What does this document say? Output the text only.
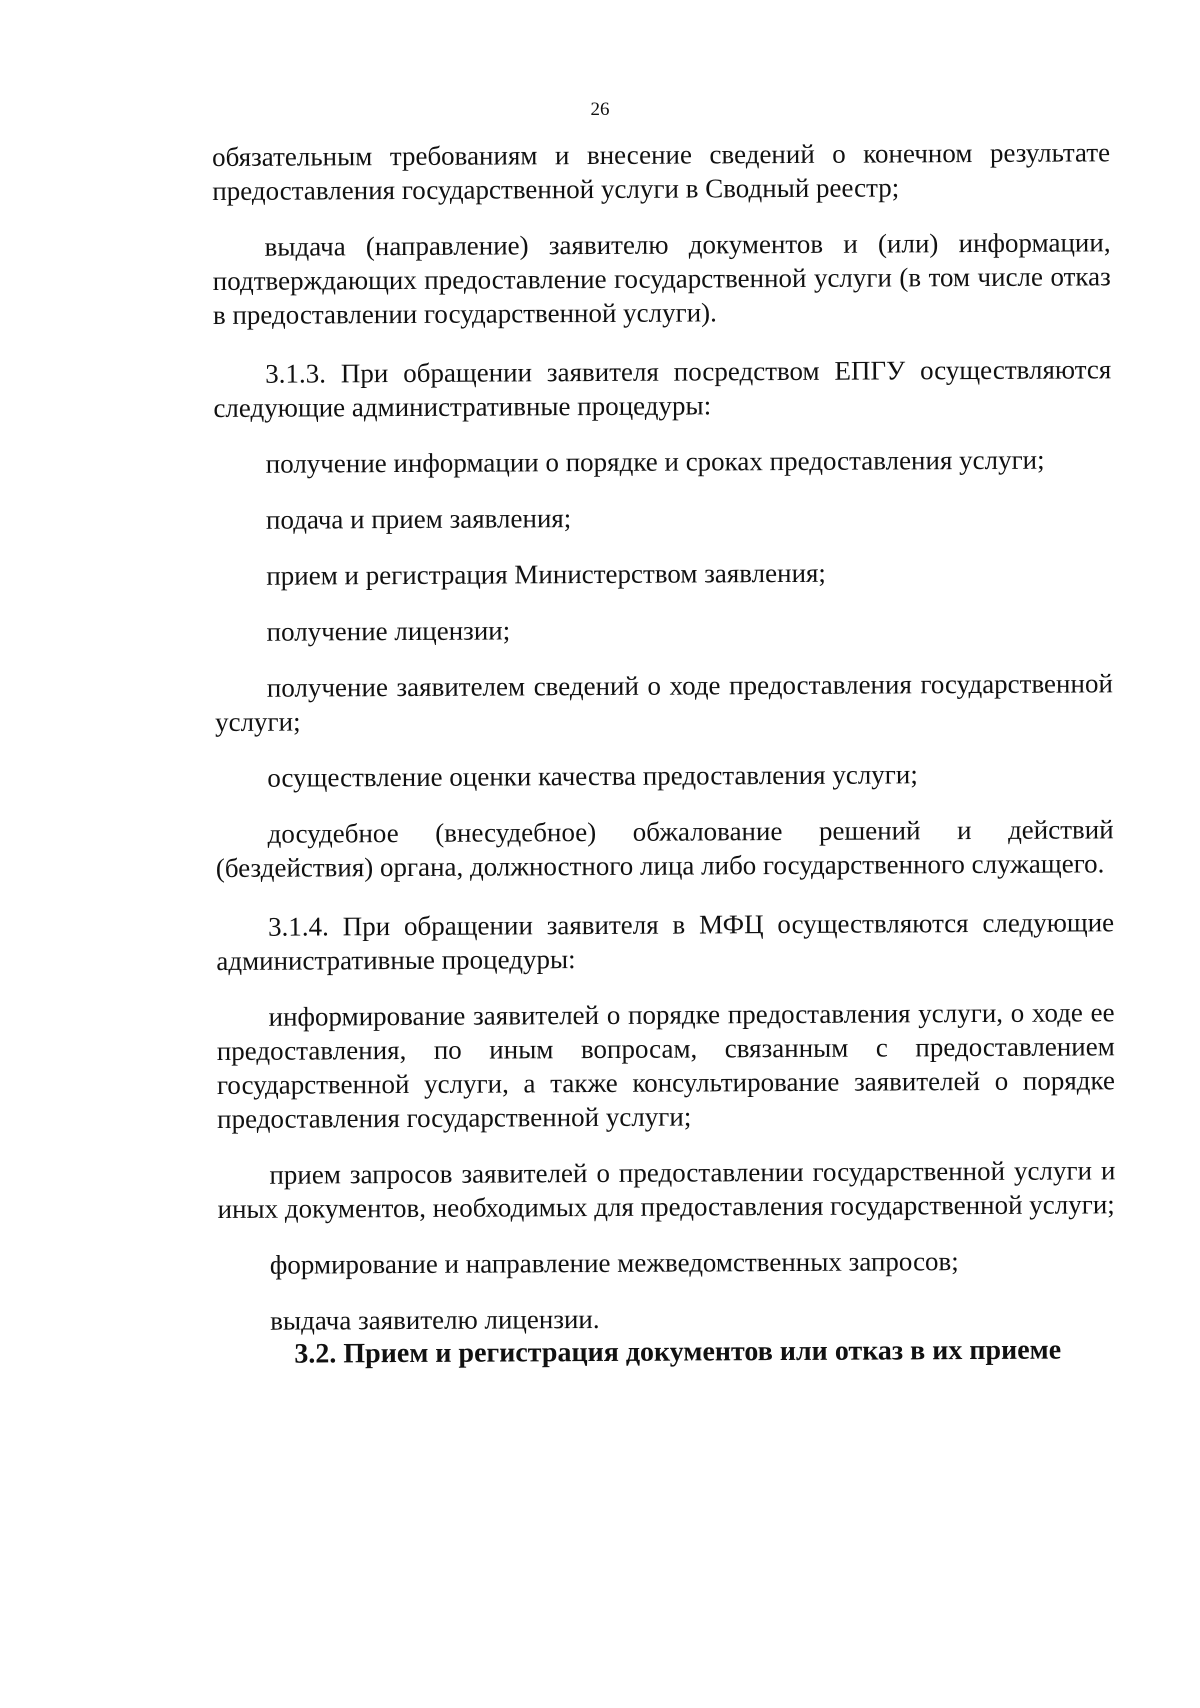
26

обязательным требованиям и внесение сведений о конечном результате предоставления государственной услуги в Сводный реестр;

выдача (направление) заявителю документов и (или) информации, подтверждающих предоставление государственной услуги (в том числе отказ в предоставлении государственной услуги).

3.1.3. При обращении заявителя посредством ЕПГУ осуществляются следующие административные процедуры:

получение информации о порядке и сроках предоставления услуги;

подача и прием заявления;

прием и регистрация Министерством заявления;

получение лицензии;

получение заявителем сведений о ходе предоставления государственной услуги;

осуществление оценки качества предоставления услуги;

досудебное (внесудебное) обжалование решений и действий (бездействия) органа, должностного лица либо государственного служащего.

3.1.4. При обращении заявителя в МФЦ осуществляются следующие административные процедуры:

информирование заявителей о порядке предоставления услуги, о ходе ее предоставления, по иным вопросам, связанным с предоставлением государственной услуги, а также консультирование заявителей о порядке предоставления государственной услуги;

прием запросов заявителей о предоставлении государственной услуги и иных документов, необходимых для предоставления государственной услуги;

формирование и направление межведомственных запросов;

выдача заявителю лицензии.

3.2. Прием и регистрация документов или отказ в их приеме
